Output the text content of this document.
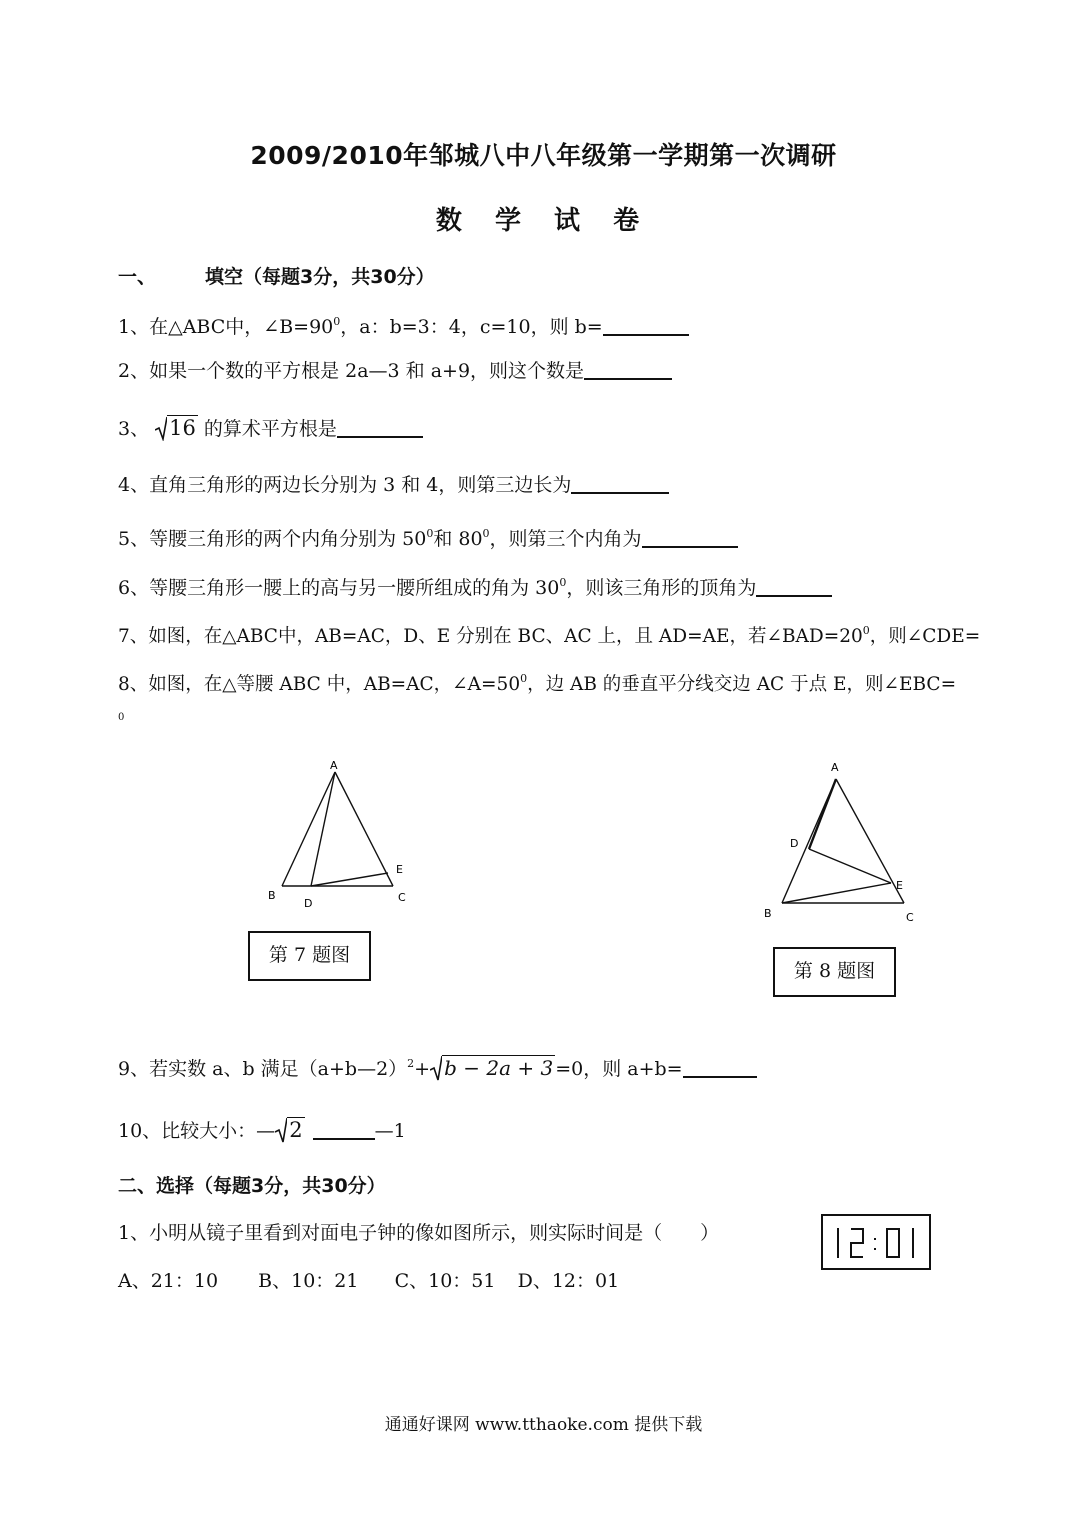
2009/2010年邹城八中八年级第一学期第一次调研
数 学 试 卷
一、	填空（每题3分，共30分）
1、在△ABC中，$\angle B=90^0$，a：b=3：4，c=10，则 b=
2、如果一个数的平方根是 2a—3 和 a+9，则这个数是
3、 16 的算术平方根是
4、直角三角形的两边长分别为 3 和 4，则第三边长为
5、等腰三角形的两个内角分别为 $50^0$和 $80^0$，则第三个内角为
6、等腰三角形一腰上的高与另一腰所组成的角为 $30^0$，则该三角形的顶角为
7、如图，在△ABC中，AB=AC，D、E 分别在 BC、AC 上，且 AD=AE，若$\angle BAD=20^0$，则∠CDE=
8、如图，在△等腰 ABC 中，AB=AC，$\angle A=50^0$，边 AB 的垂直平分线交边 AC 于点 E，则∠EBC=
0
A
B	C
D
E
第 7 题图
A
B	C
D
E
第 8 题图
9、若实数 a、b 满足（a+b—2）$^2$+ b − 2a + 3 =0，则 a+b=
10、比较大小：— 2	—1
二、选择（每题3分，共30分）
1、小明从镜子里看到对面电子钟的像如图所示，则实际时间是（　　）
A、21：10 B、10：21 C、10：51 D、12：01
通通好课网 www.tthaoke.com 提供下载
